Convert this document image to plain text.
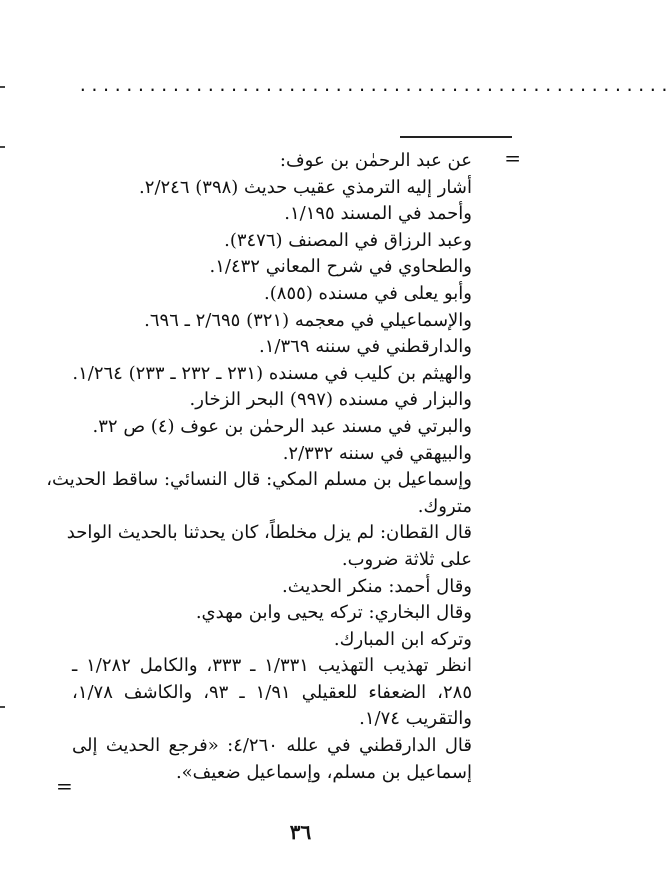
...................................................
=
=
عن عبد الرحمٰن بن عوف:
أشار إليه الترمذي عقيب حديث (٣٩٨) ٢/٢٤٦.
وأحمد في المسند ١/١٩٥.
وعبد الرزاق في المصنف (٣٤٧٦).
والطحاوي في شرح المعاني ١/٤٣٢.
وأبو يعلى في مسنده (٨٥٥).
والإسماعيلي في معجمه (٣٢١) ٢/٦٩٥ ـ ٦٩٦.
والدارقطني في سننه ١/٣٦٩.
والهيثم بن كليب في مسنده (٢٣١ ـ ٢٣٢ ـ ٢٣٣) ١/٢٦٤.
والبزار في مسنده (٩٩٧) البحر الزخار.
والبرتي في مسند عبد الرحمٰن بن عوف (٤) ص ٣٢.
والبيهقي في سننه ٢/٣٣٢.
وإسماعيل بن مسلم المكي: قال النسائي: ساقط الحديث،
متروك.
قال القطان: لم يزل مخلطاً، كان يحدثنا بالحديث الواحد
على ثلاثة ضروب.
وقال أحمد: منكر الحديث.
وقال البخاري: تركه يحيى وابن مهدي.
وتركه ابن المبارك.
انظر تهذيب التهذيب ١/٣٣١ ـ ٣٣٣، والكامل ١/٢٨٢ ـ
٢٨٥، الضعفاء للعقيلي ١/٩١ ـ ٩٣، والكاشف ١/٧٨،
والتقريب ١/٧٤.
قال الدارقطني في علله ٤/٢٦٠: «فرجع الحديث إلى
إسماعيل بن مسلم، وإسماعيل ضعيف».
٣٦
